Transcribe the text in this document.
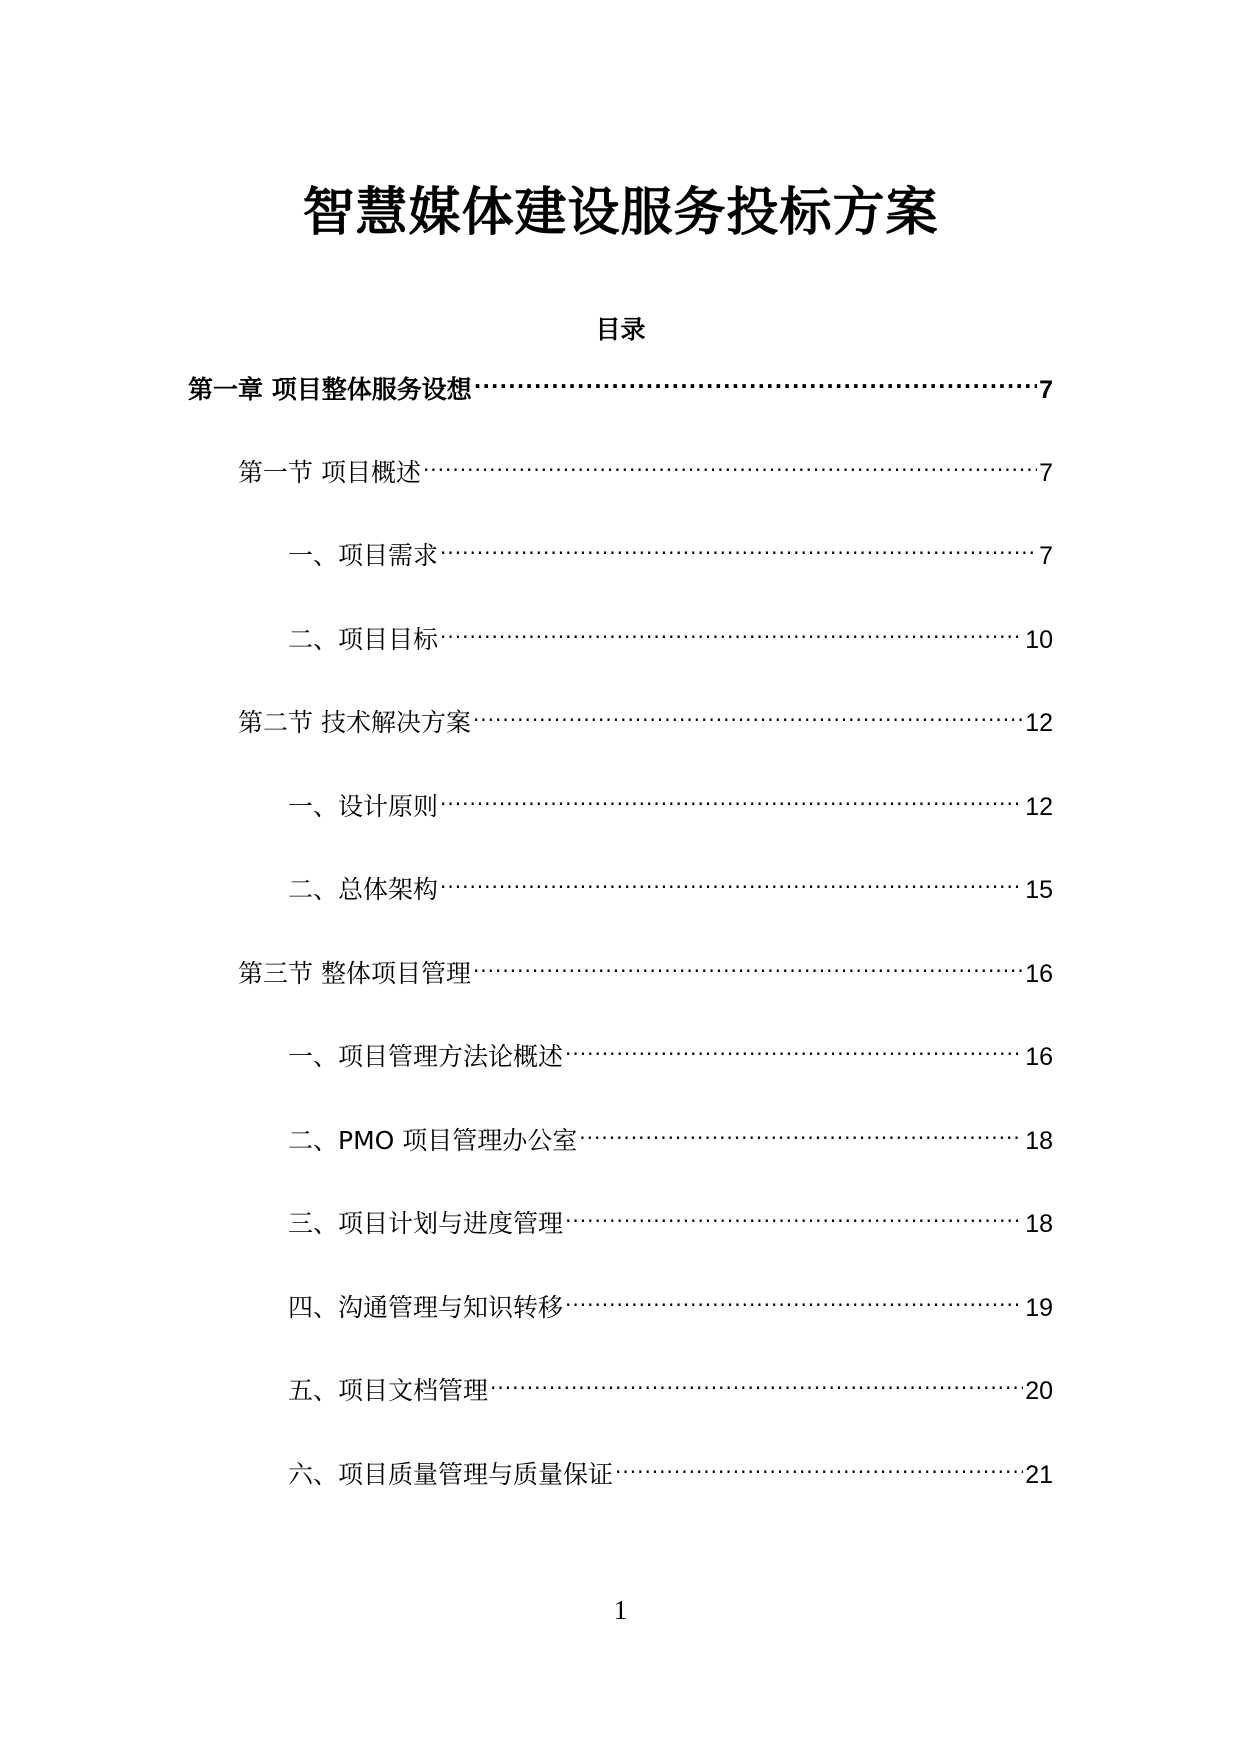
智慧媒体建设服务投标方案
目录
第一章 项目整体服务设想 .....	7
第一节 项目概述 .....	7
一、项目需求 .....	7
二、项目目标 .....	10
第二节 技术解决方案 .....	12
一、设计原则 .....	12
二、总体架构 .....	15
第三节 整体项目管理 .....	16
一、项目管理方法论概述 .....	16
二、PMO 项目管理办公室 .....	18
三、项目计划与进度管理 .....	18
四、沟通管理与知识转移 .....	19
五、项目文档管理 .....	20
六、项目质量管理与质量保证 .....	21
1
